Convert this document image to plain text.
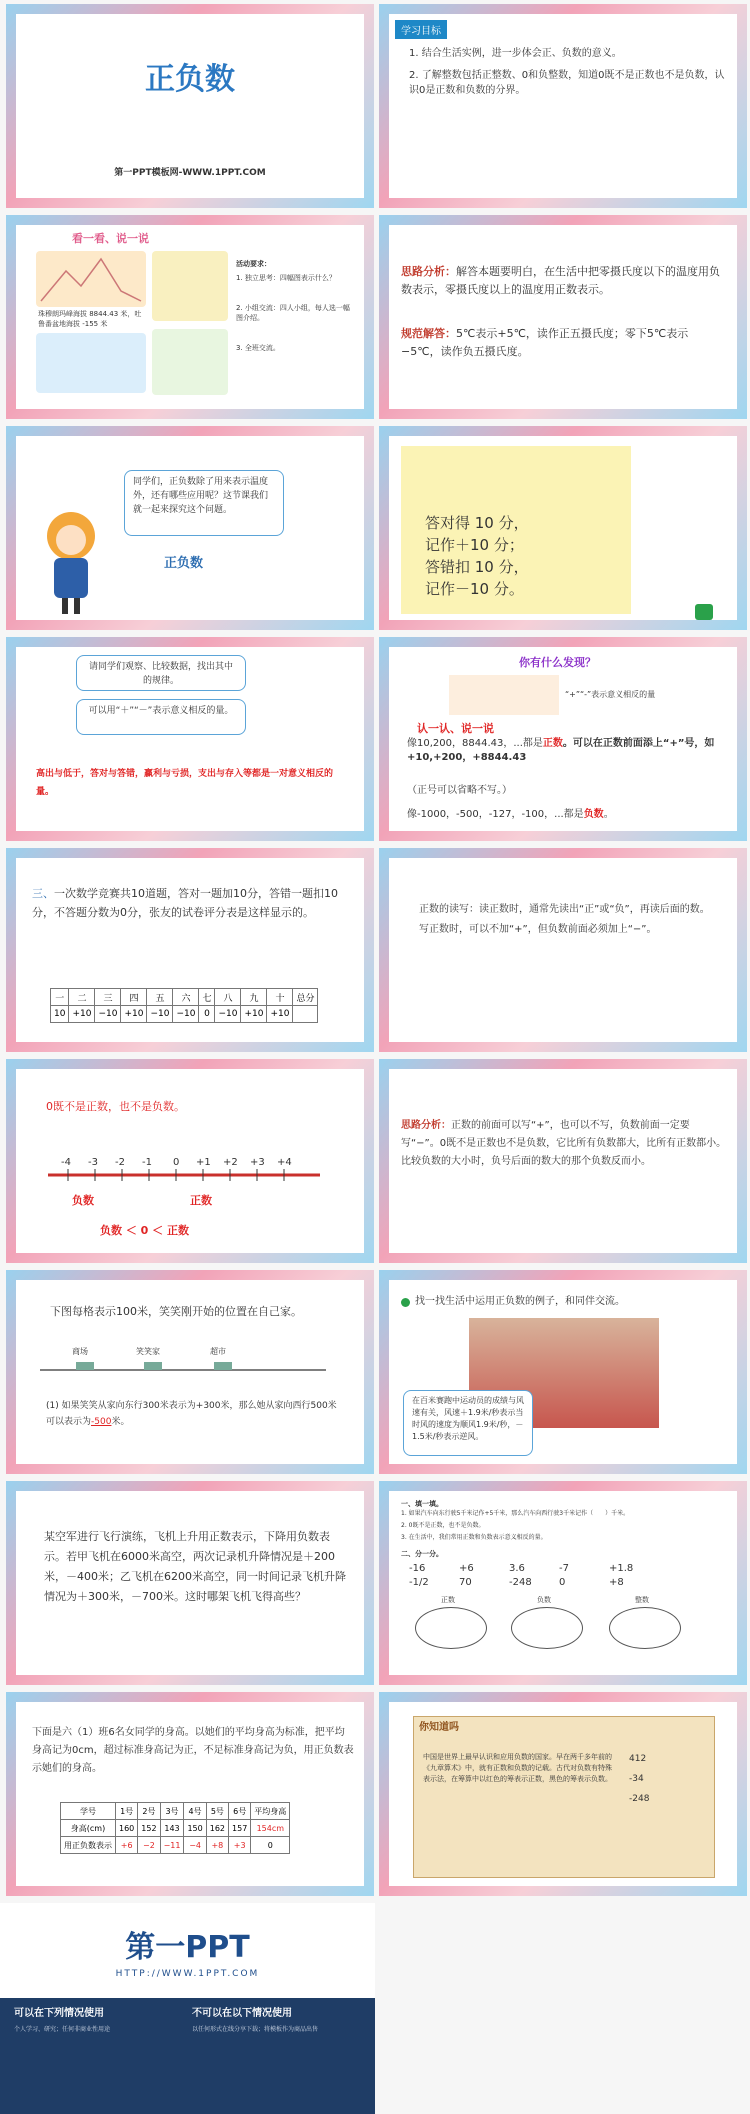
正负数
第一PPT模板网-WWW.1PPT.COM
学习目标
1. 结合生活实例，进一步体会正、负数的意义。
2. 了解整数包括正整数、0和负整数，知道0既不是正数也不是负数，认识0是正数和负数的分界。
看一看、说一说
珠穆朗玛峰海拔 8844.43 米，吐鲁番盆地海拔 -155 米
活动要求：
1. 独立思考：四幅图表示什么？
2. 小组交流：四人小组，每人选一幅图介绍。
3. 全班交流。
思路分析：解答本题要明白，在生活中把零摄氏度以下的温度用负数表示，零摄氏度以上的温度用正数表示。
规范解答：5℃表示+5℃，读作正五摄氏度；零下5℃表示−5℃，读作负五摄氏度。
同学们，正负数除了用来表示温度外，还有哪些应用呢？这节课我们就一起来探究这个问题。
正负数
答对得 10 分，
记作＋10 分；
答错扣 10 分，
记作－10 分。
请同学们观察、比较数据，找出其中的规律。
可以用“＋”“－”表示意义相反的量。
高出与低于，答对与答错，赢利与亏损，支出与存入等都是一对意义相反的量。
你有什么发现？
“+”“-”表示意义相反的量
认一认、说一说
像10,200，8844.43，...都是正数。可以在正数前面添上“+”号，如+10,+200，+8844.43
（正号可以省略不写。）
像-1000，-500，-127，-100，...都是负数。
三、一次数学竞赛共10道题，答对一题加10分，答错一题扣10分，不答题分数为0分，张友的试卷评分表是这样显示的。
一	二	三	四	五	六	七	八	九	十	总分
10	+10	−10	+10	−10	−10	0	−10	+10	+10	
正数的读写：读正数时，通常先读出“正”或“负”，再读后面的数。写正数时，可以不加“+”，但负数前面必须加上“−”。
0既不是正数，也不是负数。
-4 -3 -2 -1 0 +1 +2 +3 +4
负数	正数
负数 ＜ 0 ＜ 正数
思路分析：正数的前面可以写“+”，也可以不写，负数前面一定要写“−”。0既不是正数也不是负数，它比所有负数都大，比所有正数都小。比较负数的大小时，负号后面的数大的那个负数反而小。
下图每格表示100米，笑笑刚开始的位置在自己家。
商场	笑笑家	超市
(1) 如果笑笑从家向东行300米表示为+300米，那么她从家向西行500米可以表示为-500米。
找一找生活中运用正负数的例子，和同伴交流。
在百米赛跑中运动员的成绩与风速有关，风速＋1.9米/秒表示当时风的速度为顺风1.9米/秒，－1.5米/秒表示逆风。
某空军进行飞行演练，飞机上升用正数表示，下降用负数表示。若甲飞机在6000米高空，两次记录机升降情况是＋200米，－400米；乙飞机在6200米高空，同一时间记录飞机升降情况为＋300米，－700米。这时哪架飞机飞得高些？
一、填一填。
1. 如果汽车向东行驶5千米记作+5千米，那么汽车向西行驶3千米记作（　　）千米。
2. 0既不是正数，也不是负数。
3. 在生活中，我们常用正数和负数表示意义相反的量。
二、分一分。
-16	+6	3.6	-7	+1.8
-1/2	70	-248	0	+8
正数	负数	整数
下面是六（1）班6名女同学的身高。以她们的平均身高为标准，把平均身高记为0cm，超过标准身高记为正，不足标准身高记为负，用正负数表示她们的身高。
学号	1号	2号	3号	4号	5号	6号	平均身高
身高(cm)	160	152	143	150	162	157	154cm
用正负数表示	+6	−2	−11	−4	+8	+3	0
你知道吗
中国是世界上最早认识和应用负数的国家。早在两千多年前的《九章算术》中，就有正数和负数的记载。古代对负数有特殊表示法，在筹算中以红色的筹表示正数，黑色的筹表示负数。
412
-34
-248
第一PPT
HTTP://WWW.1PPT.COM
可以在下列情况使用
个人学习、研究；任何非商业性用途
不可以在以下情况使用
以任何形式在线分享下载；将模板作为商品出售
